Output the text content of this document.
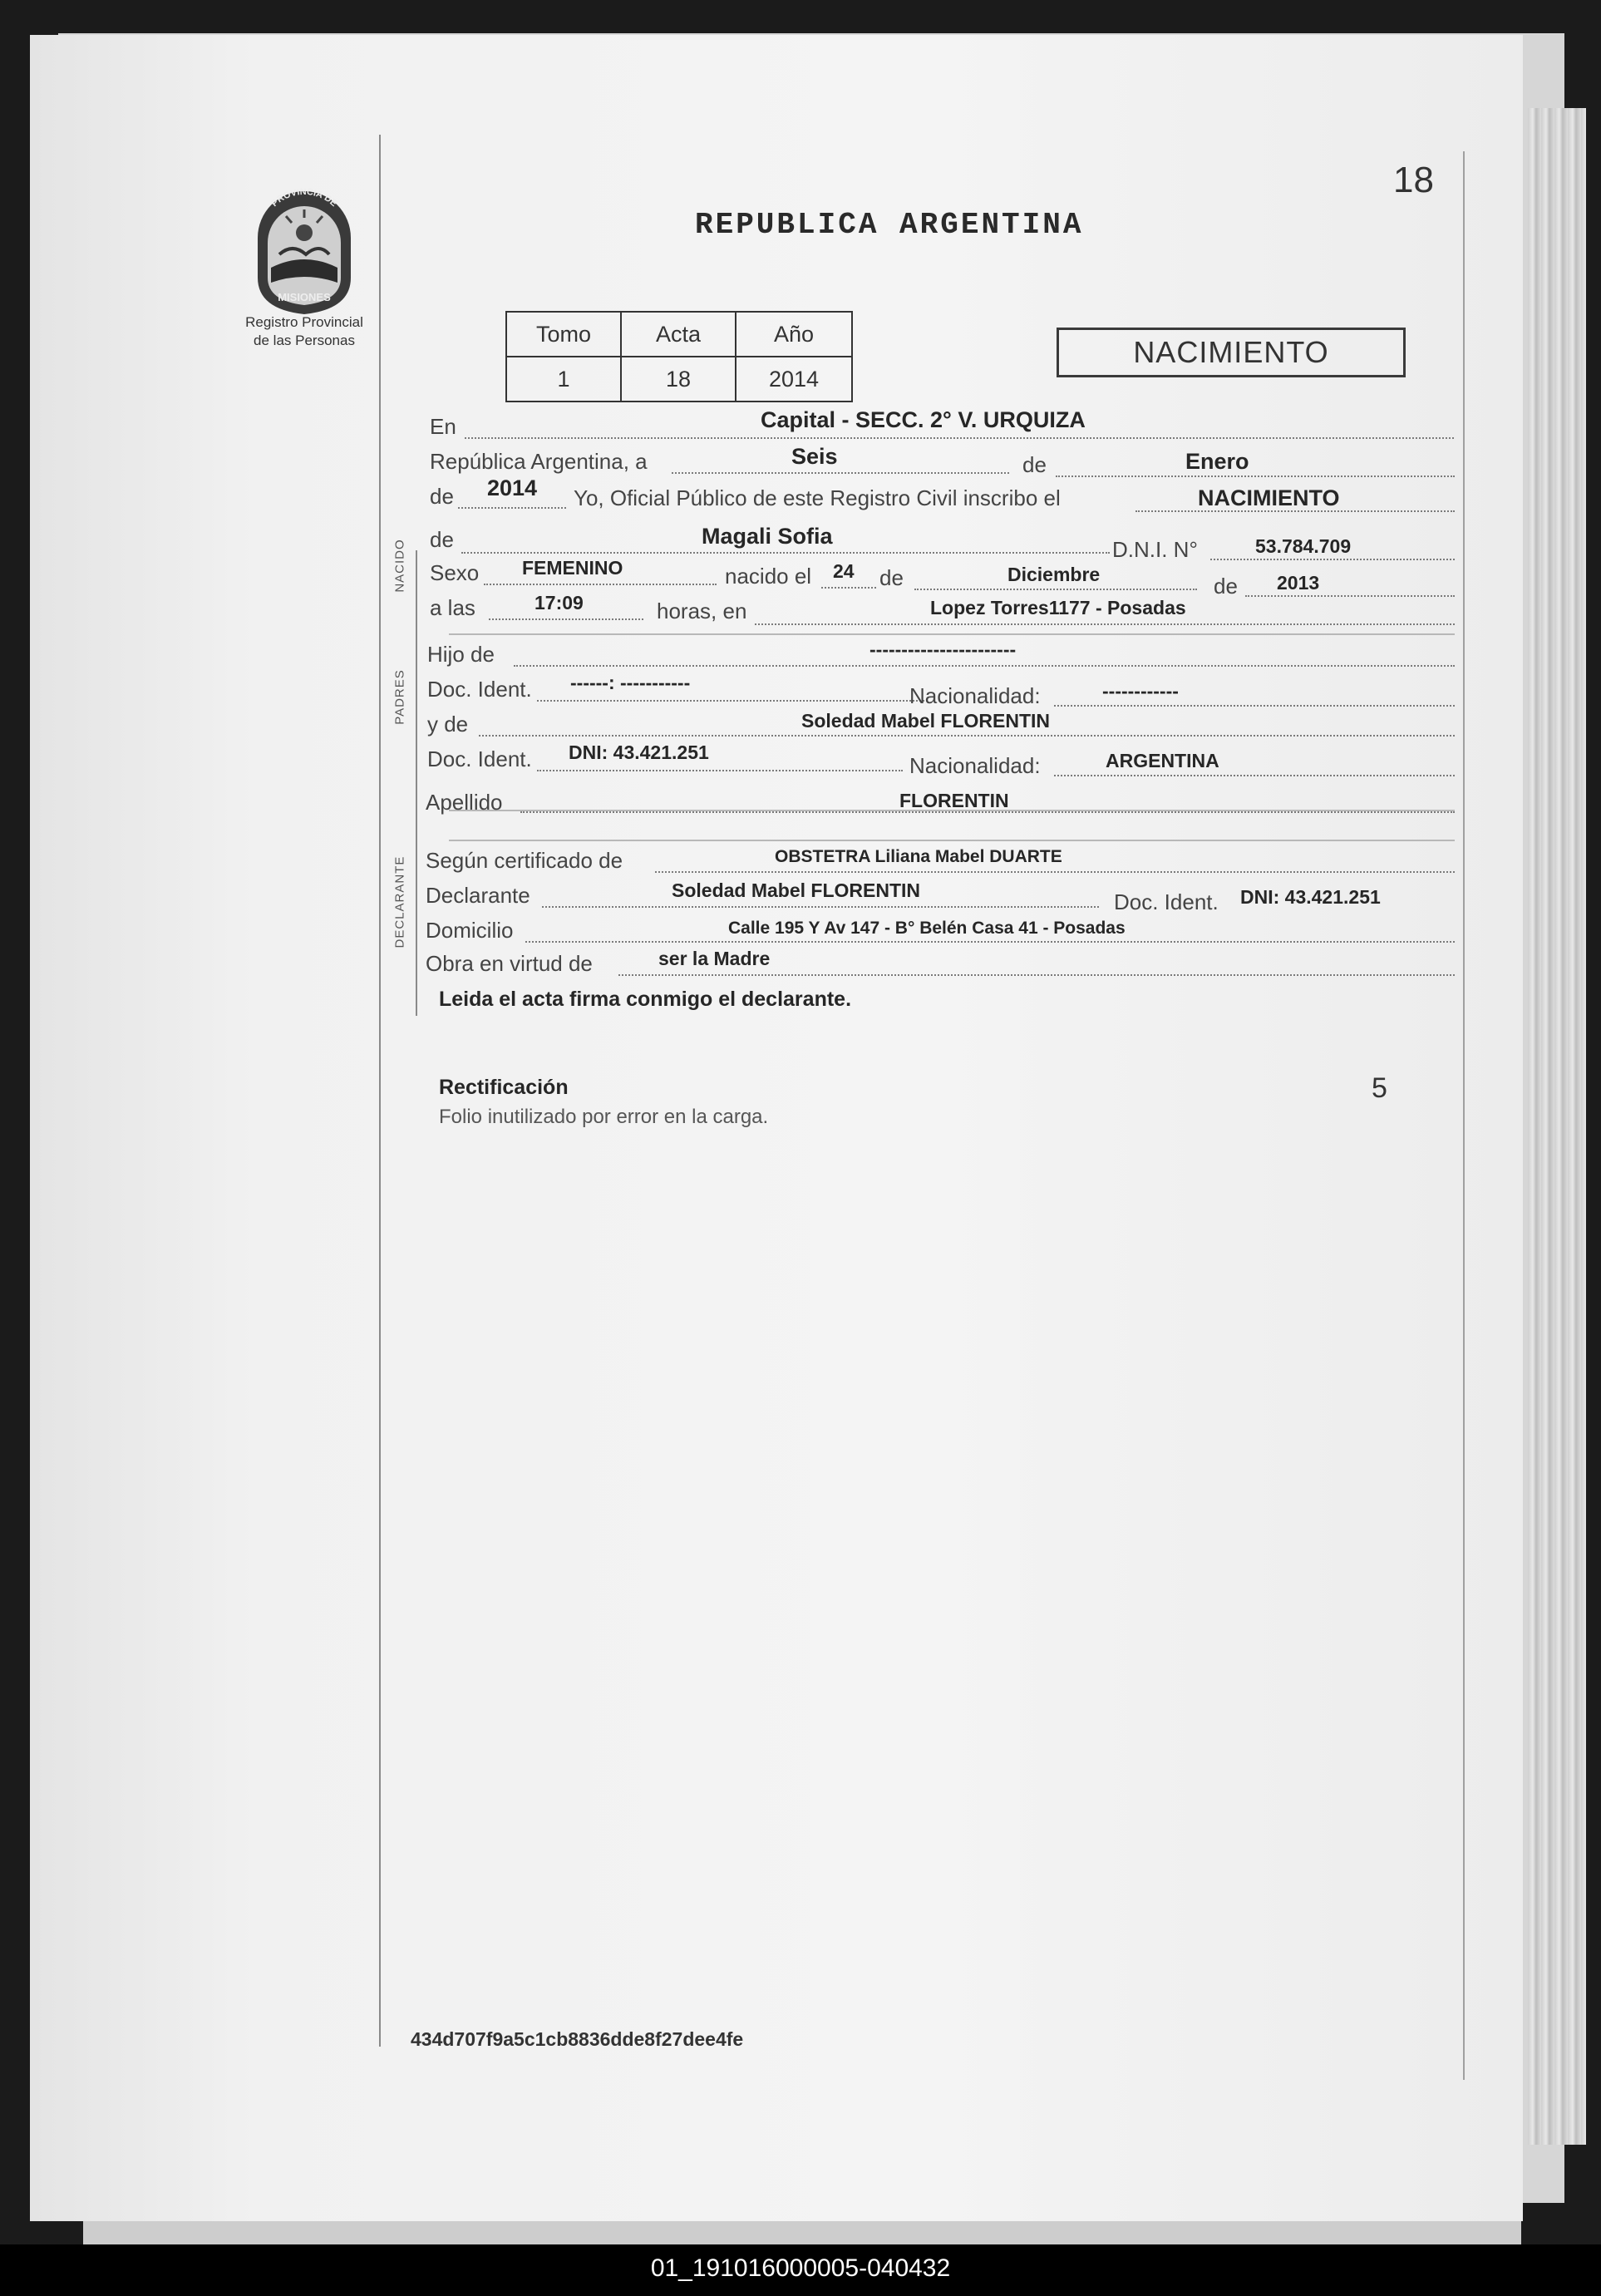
PROVINCIA DE
MISIONES
Registro Provincial
de las Personas
18
REPUBLICA ARGENTINA
Tomo	Acta	Año
1	18	2014
NACIMIENTO
NACIDO
PADRES
DECLARANTE
En	Capital - SECC. 2° V. URQUIZA
República Argentina, a	Seis	de	Enero
de 2014 Yo, Oficial Público de este Registro Civil inscribo el	NACIMIENTO
de	Magali Sofia
D.N.I. N°	53.784.709
Sexo FEMENINO	nacido el 24 de	Diciembre	de 2013
a las	17:09	horas, en	Lopez Torres1177 - Posadas
Hijo de	-----------------------
Doc. Ident. ------: -----------
Nacionalidad:	------------
y de	Soledad Mabel FLORENTIN
Doc. Ident. DNI: 43.421.251
Nacionalidad:	ARGENTINA
Apellido	FLORENTIN
Según certificado de	OBSTETRA Liliana Mabel DUARTE
Declarante	Soledad Mabel FLORENTIN	Doc. Ident. DNI: 43.421.251
Domicilio	Calle 195 Y Av 147 - B° Belén Casa 41 - Posadas
Obra en virtud de	ser la Madre
Leida el acta firma conmigo el declarante.
Rectificación	5
Folio inutilizado por error en la carga.
434d707f9a5c1cb8836dde8f27dee4fe
01_191016000005-040432
